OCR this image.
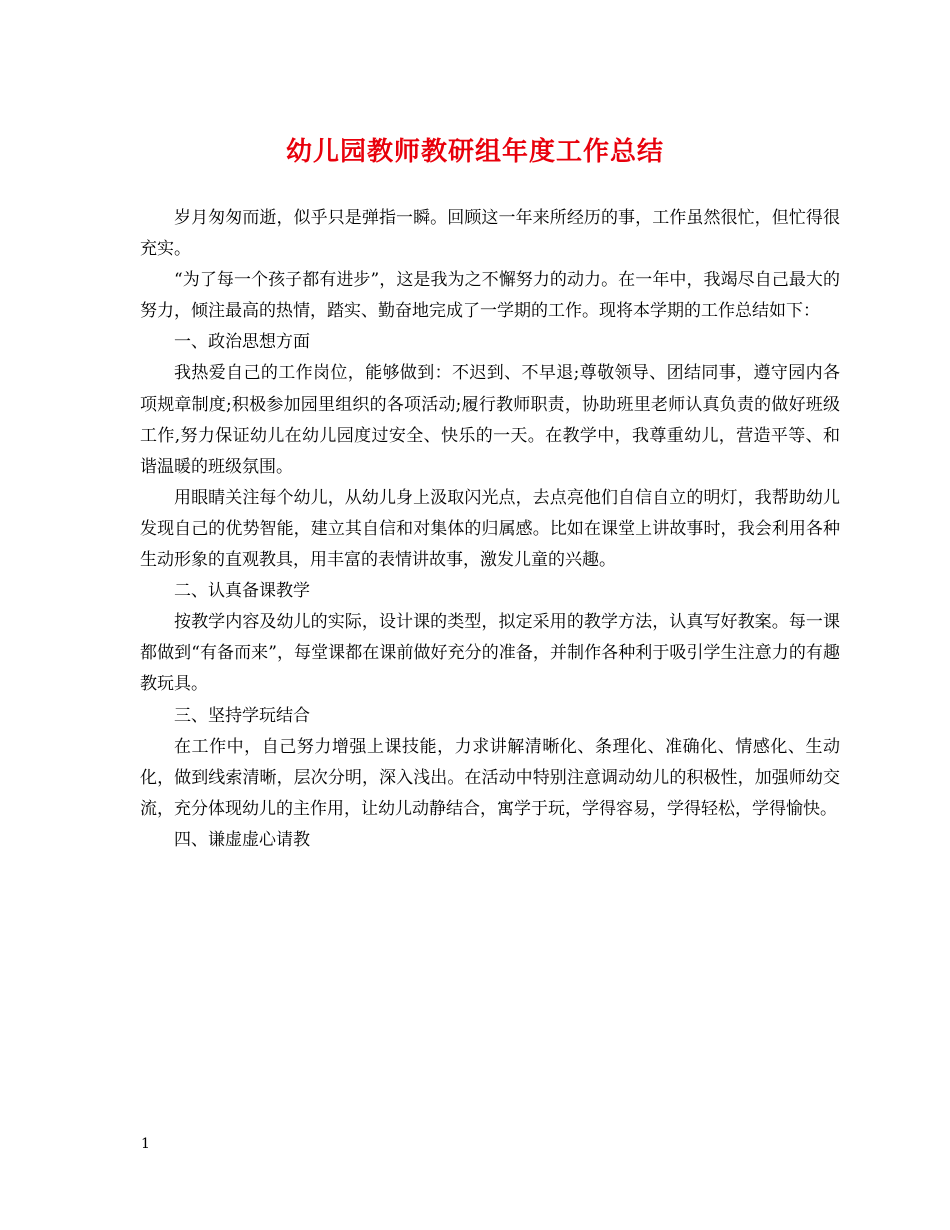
幼儿园教师教研组年度工作总结

岁月匆匆而逝，似乎只是弹指一瞬。回顾这一年来所经历的事，工作虽然很忙，但忙得很充实。

“为了每一个孩子都有进步”，这是我为之不懈努力的动力。在一年中，我竭尽自己最大的努力，倾注最高的热情，踏实、勤奋地完成了一学期的工作。现将本学期的工作总结如下：

一、政治思想方面

我热爱自己的工作岗位，能够做到：不迟到、不早退;尊敬领导、团结同事，遵守园内各项规章制度;积极参加园里组织的各项活动;履行教师职责，协助班里老师认真负责的做好班级工作,努力保证幼儿在幼儿园度过安全、快乐的一天。在教学中，我尊重幼儿，营造平等、和谐温暖的班级氛围。

用眼睛关注每个幼儿，从幼儿身上汲取闪光点，去点亮他们自信自立的明灯，我帮助幼儿发现自己的优势智能，建立其自信和对集体的归属感。比如在课堂上讲故事时，我会利用各种生动形象的直观教具，用丰富的表情讲故事，激发儿童的兴趣。

二、认真备课教学

按教学内容及幼儿的实际，设计课的类型，拟定采用的教学方法，认真写好教案。每一课都做到“有备而来”，每堂课都在课前做好充分的准备，并制作各种利于吸引学生注意力的有趣教玩具。

三、坚持学玩结合

在工作中，自己努力增强上课技能，力求讲解清晰化、条理化、准确化、情感化、生动化，做到线索清晰，层次分明，深入浅出。在活动中特别注意调动幼儿的积极性，加强师幼交流，充分体现幼儿的主作用，让幼儿动静结合，寓学于玩，学得容易，学得轻松，学得愉快。

四、谦虚虚心请教

1
